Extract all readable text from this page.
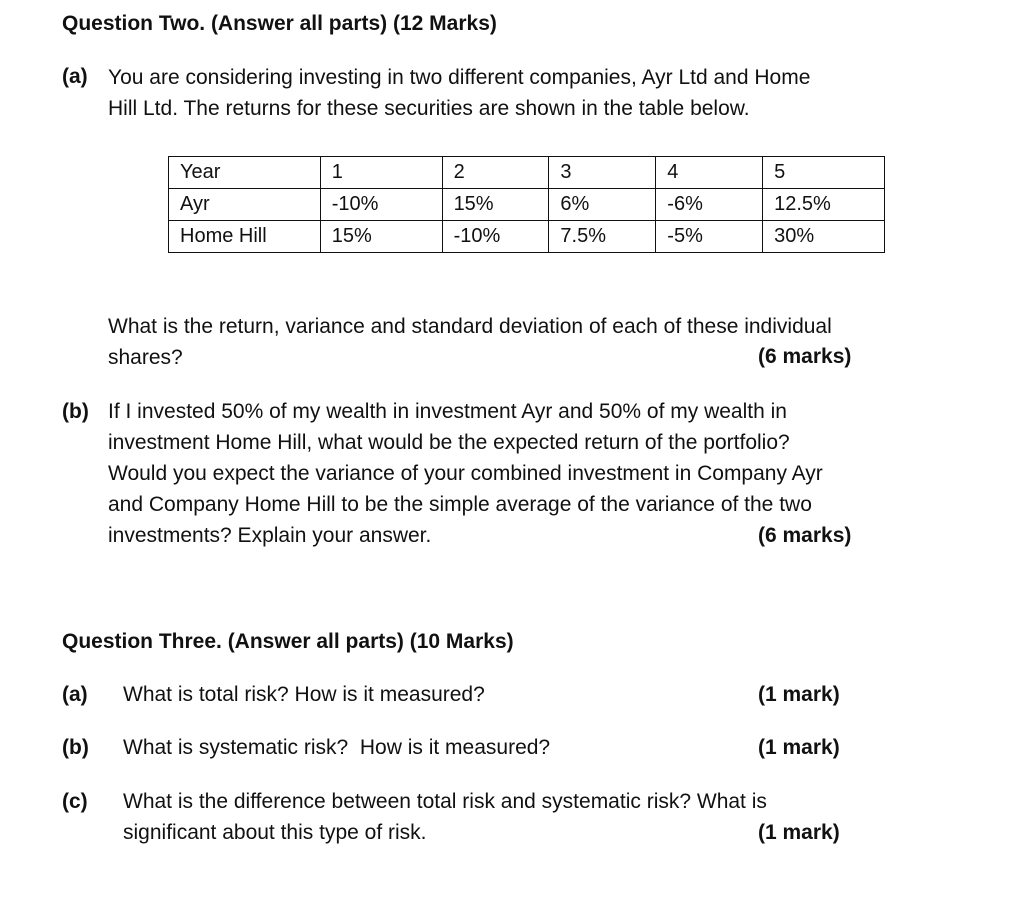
Question Two. (Answer all parts) (12 Marks)
(a) You are considering investing in two different companies, Ayr Ltd and Home
Hill Ltd. The returns for these securities are shown in the table below.
Year	1	2	3	4	5
Ayr	-10%	15%	6%	-6%	12.5%
Home Hill	15%	-10%	7.5%	-5%	30%
What is the return, variance and standard deviation of each of these individual
shares?	(6 marks)
(b) If I invested 50% of my wealth in investment Ayr and 50% of my wealth in
investment Home Hill, what would be the expected return of the portfolio?
Would you expect the variance of your combined investment in Company Ayr
and Company Home Hill to be the simple average of the variance of the two
investments? Explain your answer.	(6 marks)
Question Three. (Answer all parts) (10 Marks)
(a) What is total risk? How is it measured?	(1 mark)
(b) What is systematic risk?  How is it measured?	(1 mark)
(c) What is the difference between total risk and systematic risk? What is
significant about this type of risk.	(1 mark)
